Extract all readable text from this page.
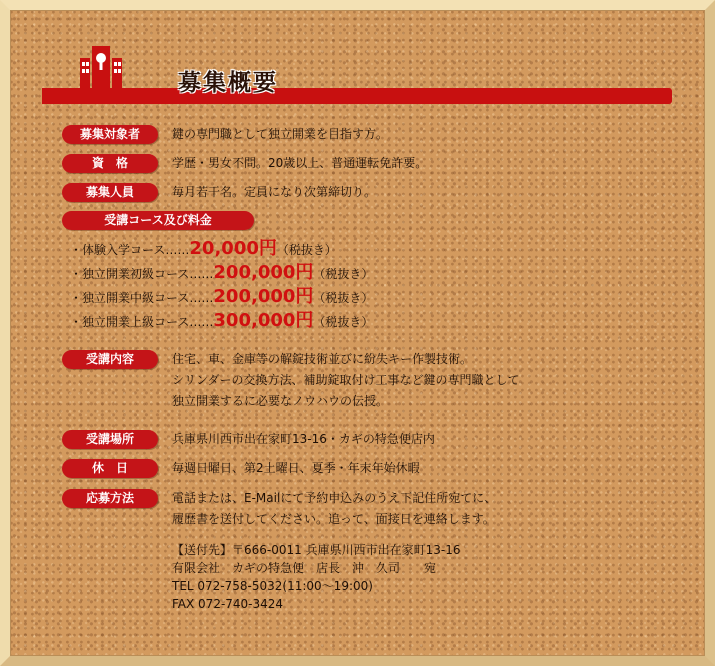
募集概要
募集対象者	鍵の専門職として独立開業を目指す方。
資　格	学歴・男女不問。20歳以上、普通運転免許要。
募集人員	毎月若干名。定員になり次第締切り。
受講コース及び料金
・体験入学コース……20,000円（税抜き）
・独立開業初級コース……200,000円（税抜き）
・独立開業中級コース……200,000円（税抜き）
・独立開業上級コース……300,000円（税抜き）
受講内容	住宅、車、金庫等の解錠技術並びに紛失キー作製技術。
シリンダーの交換方法、補助錠取付け工事など鍵の専門職として
独立開業するに必要なノウハウの伝授。
受講場所	兵庫県川西市出在家町13-16・カギの特急便店内
休　日	毎週日曜日、第2土曜日、夏季・年末年始休暇
応募方法	電話または、E-Mailにて予約申込みのうえ下記住所宛てに、
履歴書を送付してください。追って、面接日を連絡します。
【送付先】〒666-0011 兵庫県川西市出在家町13-16
有限会社　カギの特急便　店長　沖　久司　　宛
TEL 072-758-5032(11:00～19:00)
FAX 072-740-3424
